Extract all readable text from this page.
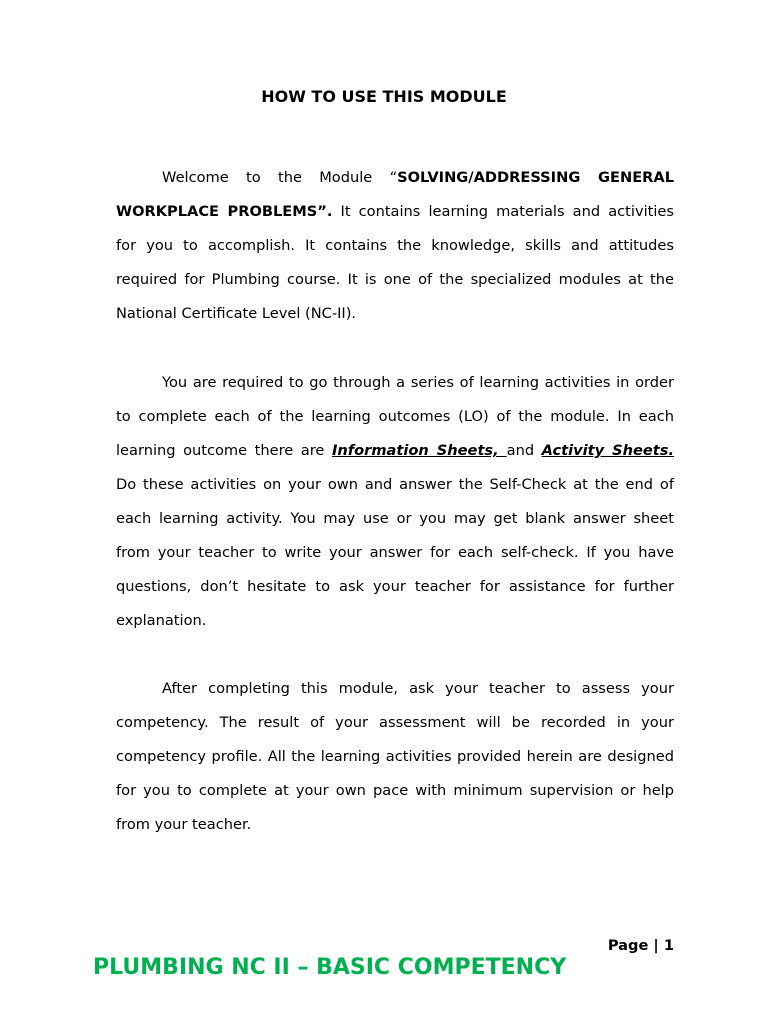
HOW TO USE THIS MODULE

Welcome to the Module “SOLVING/ADDRESSING GENERAL WORKPLACE PROBLEMS”. It contains learning materials and activities for you to accomplish. It contains the knowledge, skills and attitudes required for Plumbing course. It is one of the specialized modules at the National Certificate Level (NC-II).

You are required to go through a series of learning activities in order to complete each of the learning outcomes (LO) of the module. In each learning outcome there are Information Sheets, and Activity Sheets. Do these activities on your own and answer the Self-Check at the end of each learning activity. You may use or you may get blank answer sheet from your teacher to write your answer for each self-check. If you have questions, don’t hesitate to ask your teacher for assistance for further explanation.

After completing this module, ask your teacher to assess your competency. The result of your assessment will be recorded in your competency profile. All the learning activities provided herein are designed for you to complete at your own pace with minimum supervision or help from your teacher.

Page | 1
PLUMBING NC II – BASIC COMPETENCY
